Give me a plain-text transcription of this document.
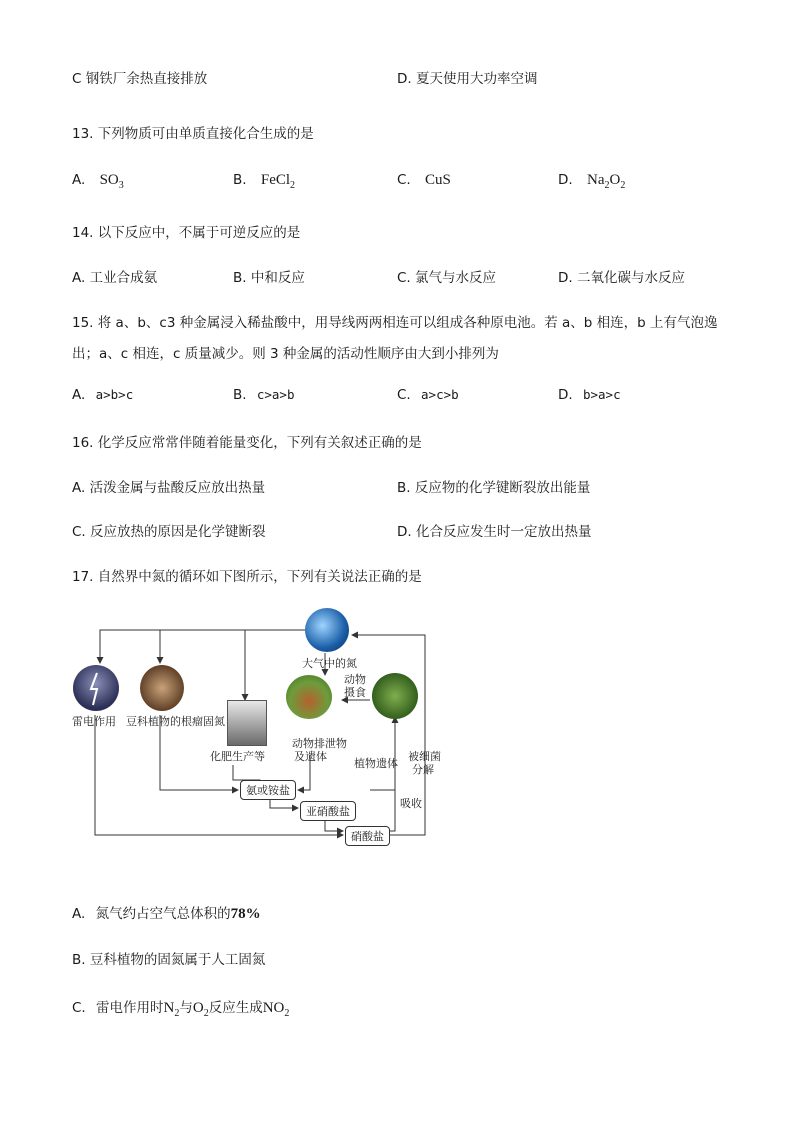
C 钢铁厂余热直接排放	D. 夏天使用大功率空调
13. 下列物质可由单质直接化合生成的是
A. $SO_3$	B. FeCl$_2$	C. CuS	D. $Na_2O_2$
14. 以下反应中，不属于可逆反应的是
A. 工业合成氨	B. 中和反应	C. 氯气与水反应	D. 二氧化碳与水反应
15. 将 a、b、c3 种金属浸入稀盐酸中，用导线两两相连可以组成各种原电池。若 a、b 相连，b 上有气泡逸
出；a、c 相连，c 质量减少。则 3 种金属的活动性顺序由大到小排列为
A. a>b>c	B. c>a>b	C. a>c>b	D. b>a>c
16. 化学反应常常伴随着能量变化，下列有关叙述正确的是
A. 活泼金属与盐酸反应放出热量	B. 反应物的化学键断裂放出能量
C. 反应放热的原因是化学键断裂	D. 化合反应发生时一定放出热量
17. 自然界中氮的循环如下图所示，下列有关说法正确的是
大气中的氮
雷电作用 豆科植物的根瘤固氮
化肥生产等
动物排泄物
及遗体
动物
摄食
植物遗体
被细菌
分解
吸收
氨或铵盐
亚硝酸盐
硝酸盐
A. 氮气约占空气总体积的78%
B. 豆科植物的固氮属于人工固氮
C. 雷电作用时$N_2$与$O_2$反应生成$NO_2$
